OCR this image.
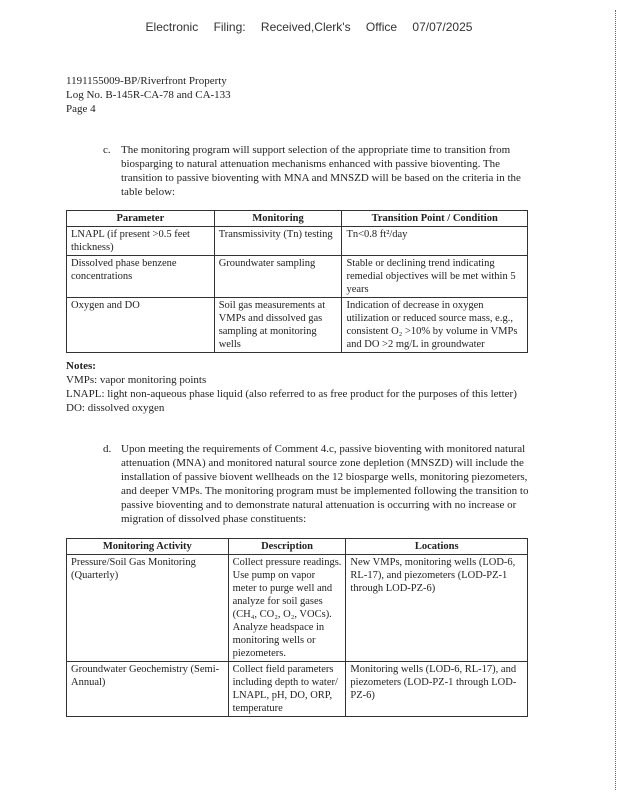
Electronic Filing: Received,Clerk's Office 07/07/2025
1191155009-BP/Riverfront Property
Log No. B-145R-CA-78 and CA-133
Page 4
c. The monitoring program will support selection of the appropriate time to transition from biosparging to natural attenuation mechanisms enhanced with passive bioventing. The transition to passive bioventing with MNA and MNSZD will be based on the criteria in the table below:
Parameter	Monitoring	Transition Point / Condition
LNAPL (if present >0.5 feet thickness)	Transmissivity (Tn) testing	Tn<0.8 ft²/day
Dissolved phase benzene concentrations	Groundwater sampling	Stable or declining trend indicating remedial objectives will be met within 5 years
Oxygen and DO	Soil gas measurements at VMPs and dissolved gas sampling at monitoring wells	Indication of decrease in oxygen utilization or reduced source mass, e.g., consistent O₂ >10% by volume in VMPs and DO >2 mg/L in groundwater
Notes:
VMPs: vapor monitoring points
LNAPL: light non-aqueous phase liquid (also referred to as free product for the purposes of this letter)
DO: dissolved oxygen
d. Upon meeting the requirements of Comment 4.c, passive bioventing with monitored natural attenuation (MNA) and monitored natural source zone depletion (MNSZD) will include the installation of passive biovent wellheads on the 12 biosparge wells, monitoring piezometers, and deeper VMPs. The monitoring program must be implemented following the transition to passive bioventing and to demonstrate natural attenuation is occurring with no increase or migration of dissolved phase constituents:
Monitoring Activity	Description	Locations
Pressure/Soil Gas Monitoring (Quarterly)	Collect pressure readings. Use pump on vapor meter to purge well and analyze for soil gases (CH₄, CO₂, O₂, VOCs). Analyze headspace in monitoring wells or piezometers.	New VMPs, monitoring wells (LOD-6, RL-17), and piezometers (LOD-PZ-1 through LOD-PZ-6)
Groundwater Geochemistry (Semi-Annual)	Collect field parameters including depth to water/ LNAPL, pH, DO, ORP, temperature	Monitoring wells (LOD-6, RL-17), and piezometers (LOD-PZ-1 through LOD-PZ-6)
